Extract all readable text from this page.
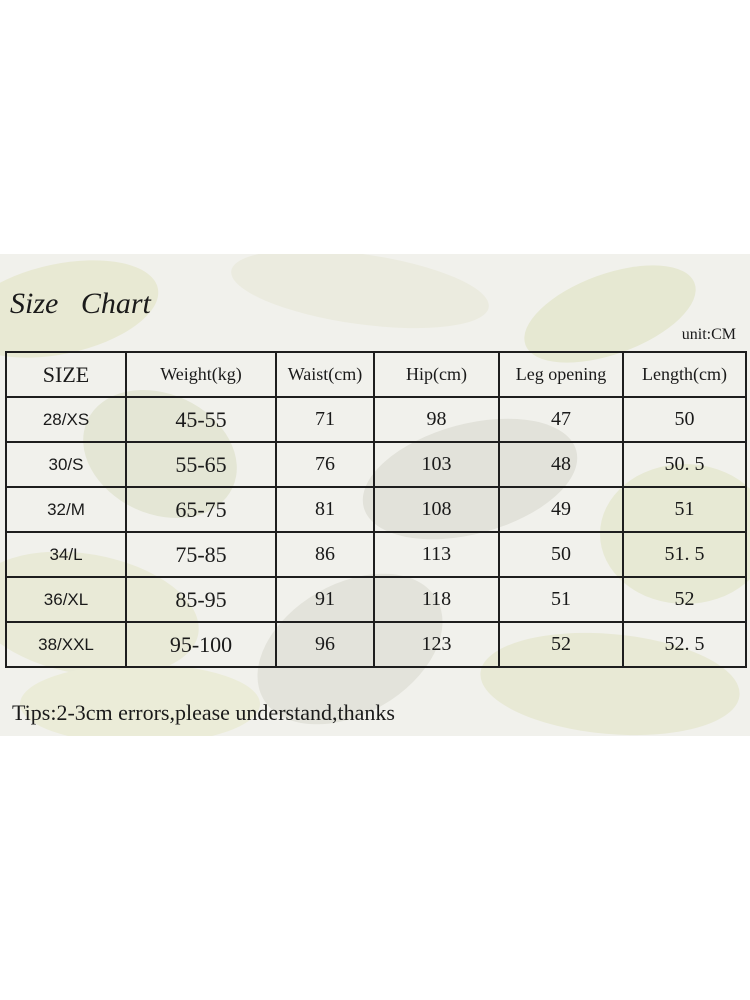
Size   Chart
unit:CM
SIZE	Weight(kg)	Waist(cm)	Hip(cm)	Leg opening	Length(cm)
28/XS	45-55	71	98	47	50
30/S	55-65	76	103	48	50. 5
32/M	65-75	81	108	49	51
34/L	75-85	86	113	50	51. 5
36/XL	85-95	91	118	51	52
38/XXL	95-100	96	123	52	52. 5
Tips:2-3cm errors,please understand,thanks
